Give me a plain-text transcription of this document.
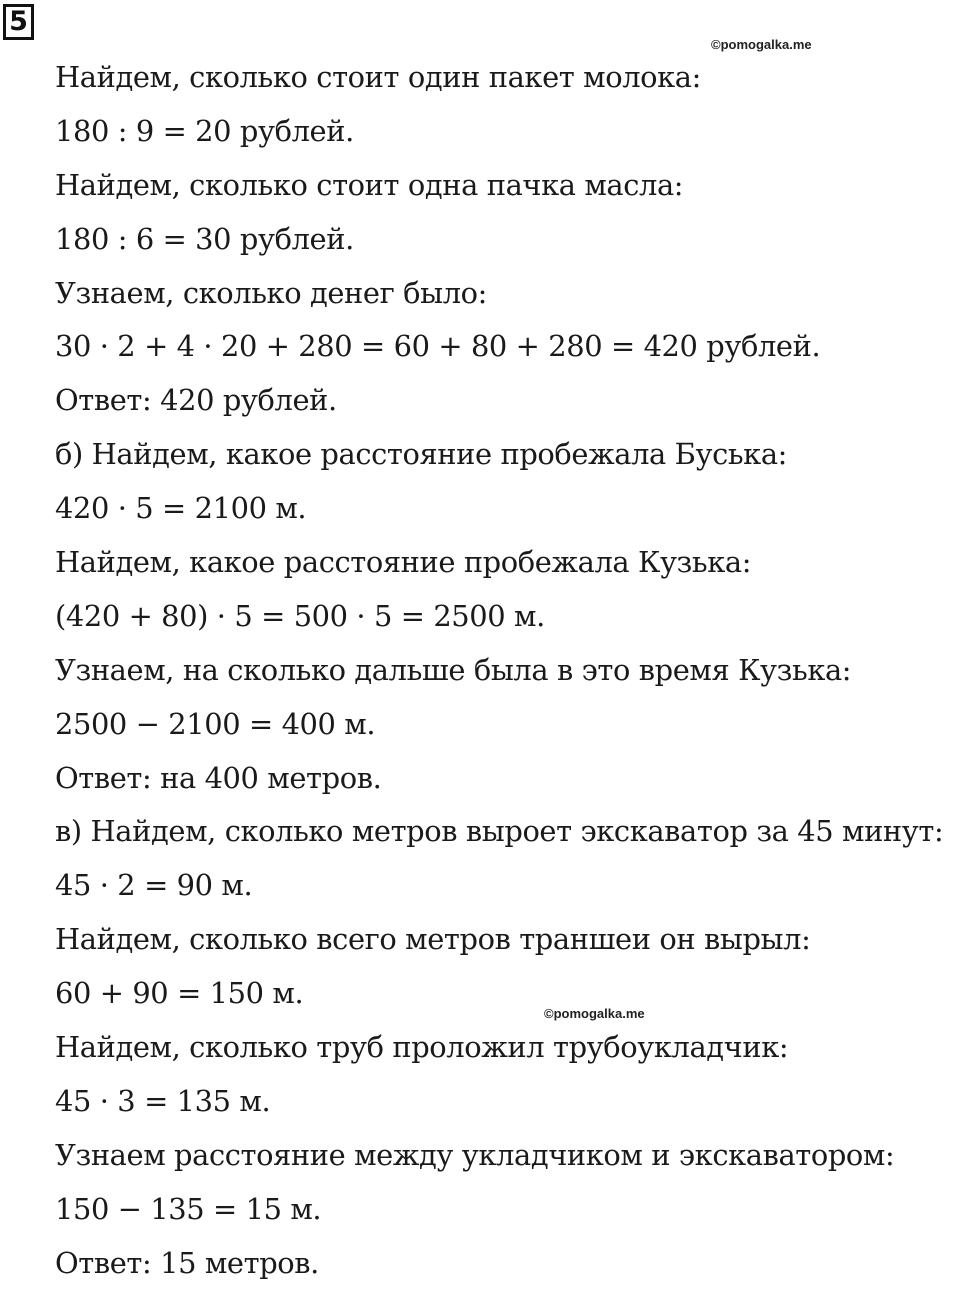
5
©pomogalka.me
©pomogalka.me
Найдем, сколько стоит один пакет молока:
180 : 9 = 20 рублей.
Найдем, сколько стоит одна пачка масла:
180 : 6 = 30 рублей.
Узнаем, сколько денег было:
30 · 2 + 4 · 20 + 280 = 60 + 80 + 280 = 420 рублей.
Ответ: 420 рублей.
б) Найдем, какое расстояние пробежала Буська:
420 · 5 = 2100 м.
Найдем, какое расстояние пробежала Кузька:
(420 + 80) · 5 = 500 · 5 = 2500 м.
Узнаем, на сколько дальше была в это время Кузька:
2500 − 2100 = 400 м.
Ответ: на 400 метров.
в) Найдем, сколько метров выроет экскаватор за 45 минут:
45 · 2 = 90 м.
Найдем, сколько всего метров траншеи он вырыл:
60 + 90 = 150 м.
Найдем, сколько труб проложил трубоукладчик:
45 · 3 = 135 м.
Узнаем расстояние между укладчиком и экскаватором:
150 − 135 = 15 м.
Ответ: 15 метров.
